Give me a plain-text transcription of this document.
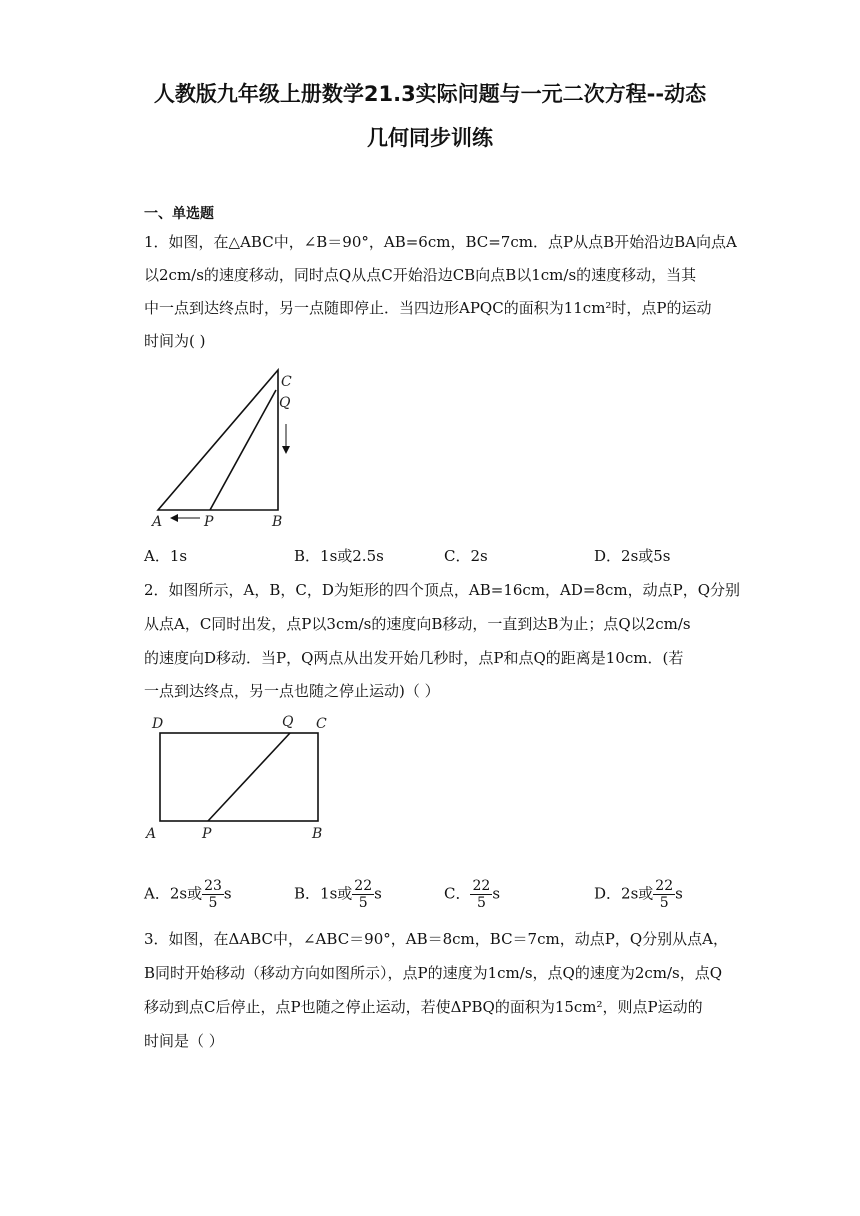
人教版九年级上册数学21.3实际问题与一元二次方程--动态
几何同步训练
一、单选题
1．如图，在△ABC中，∠B＝90°，AB=6cm，BC=7cm．点P从点B开始沿边BA向点A
以2cm/s的速度移动，同时点Q从点C开始沿边CB向点B以1cm/s的速度移动，当其
中一点到达终点时，另一点随即停止．当四边形APQC的面积为11cm²时，点P的运动
时间为( )
C
Q
A	P	B
A．1s	B．1s或2.5s	C．2s	D．2s或5s
2．如图所示，A，B，C，D为矩形的四个顶点，AB=16cm，AD=8cm，动点P，Q分别
从点A，C同时出发，点P以3cm/s的速度向B移动，一直到达B为止；点Q以2cm/s
的速度向D移动．当P，Q两点从出发开始几秒时，点P和点Q的距离是10cm．(若
一点到达终点，另一点也随之停止运动)（ ）
D	Q C
A	P	B
A．2s或 $\frac{23}{5}$ s	B．1s或 $\frac{22}{5}$ s	C． $\frac{22}{5}$ s	D．2s或 $\frac{22}{5}$ s
3．如图，在ΔABC中，∠ABC＝90°，AB＝8cm，BC＝7cm，动点P，Q分别从点A，
B同时开始移动（移动方向如图所示），点P的速度为1cm/s，点Q的速度为2cm/s，点Q
移动到点C后停止，点P也随之停止运动，若使ΔPBQ的面积为15cm²，则点P运动的
时间是（ ）
